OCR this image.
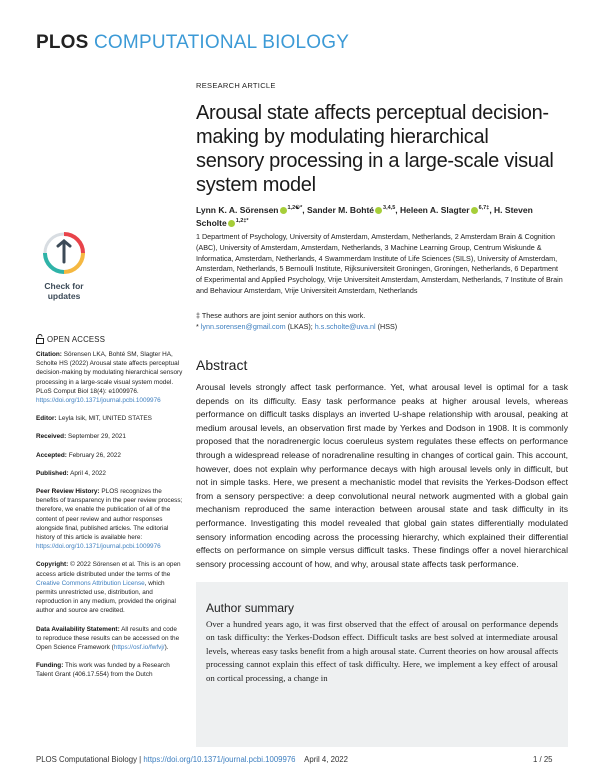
PLOS COMPUTATIONAL BIOLOGY
RESEARCH ARTICLE
Arousal state affects perceptual decision-making by modulating hierarchical sensory processing in a large-scale visual system model
Lynn K. A. Sörensen $^{1,2☯*}$, Sander M. Bohté $^{3,4,5}$, Heleen A. Slagter $^{6,7\ddagger}$, H. Steven Scholte $^{1,2\ddagger*}$
1 Department of Psychology, University of Amsterdam, Amsterdam, Netherlands, 2 Amsterdam Brain & Cognition (ABC), University of Amsterdam, Amsterdam, Netherlands, 3 Machine Learning Group, Centrum Wiskunde & Informatica, Amsterdam, Netherlands, 4 Swammerdam Institute of Life Sciences (SILS), University of Amsterdam, Amsterdam, Netherlands, 5 Bernoulli Institute, Rijksuniversiteit Groningen, Groningen, Netherlands, 6 Department of Experimental and Applied Psychology, Vrije Universiteit Amsterdam, Amsterdam, Netherlands, 7 Institute of Brain and Behaviour Amsterdam, Vrije Universiteit Amsterdam, Netherlands
‡ These authors are joint senior authors on this work.
* lynn.sorensen@gmail.com (LKAS); h.s.scholte@uva.nl (HSS)
Check for updates
OPEN ACCESS

Citation: Sörensen LKA, Bohté SM, Slagter HA, Scholte HS (2022) Arousal state affects perceptual decision-making by modulating hierarchical sensory processing in a large-scale visual system model. PLoS Comput Biol 18(4): e1009976. https://doi.org/10.1371/journal.pcbi.1009976

Editor: Leyla Isik, MIT, UNITED STATES

Received: September 29, 2021

Accepted: February 26, 2022

Published: April 4, 2022

Peer Review History: PLOS recognizes the benefits of transparency in the peer review process; therefore, we enable the publication of all of the content of peer review and author responses alongside final, published articles. The editorial history of this article is available here: https://doi.org/10.1371/journal.pcbi.1009976

Copyright: © 2022 Sörensen et al. This is an open access article distributed under the terms of the Creative Commons Attribution License, which permits unrestricted use, distribution, and reproduction in any medium, provided the original author and source are credited.

Data Availability Statement: All results and code to reproduce these results can be accessed on the Open Science Framework (https://osf.io/fwfvj/).

Funding: This work was funded by a Research Talent Grant (406.17.554) from the Dutch

Abstract
Arousal levels strongly affect task performance. Yet, what arousal level is optimal for a task depends on its difficulty. Easy task performance peaks at higher arousal levels, whereas performance on difficult tasks displays an inverted U-shape relationship with arousal, peaking at medium arousal levels, an observation first made by Yerkes and Dodson in 1908. It is commonly proposed that the noradrenergic locus coeruleus system regulates these effects on performance through a widespread release of noradrenaline resulting in changes of cortical gain. This account, however, does not explain why performance decays with high arousal levels only in difficult, but not in simple tasks. Here, we present a mechanistic model that revisits the Yerkes-Dodson effect from a sensory perspective: a deep convolutional neural network augmented with a global gain mechanism reproduced the same interaction between arousal state and task difficulty in its performance. Investigating this model revealed that global gain states differentially modulated sensory information encoding across the processing hierarchy, which explained their differential effects on performance on simple versus difficult tasks. These findings offer a novel hierarchical sensory processing account of how, and why, arousal state affects task performance.
Author summary
Over a hundred years ago, it was first observed that the effect of arousal on performance depends on task difficulty: the Yerkes-Dodson effect. Difficult tasks are best solved at intermediate arousal levels, whereas easy tasks benefit from a high arousal state. Current theories on how arousal affects processing cannot explain this effect of task difficulty. Here, we implement a key effect of arousal on cortical processing, a change in
PLOS Computational Biology | https://doi.org/10.1371/journal.pcbi.1009976 April 4, 2022	1 / 25
